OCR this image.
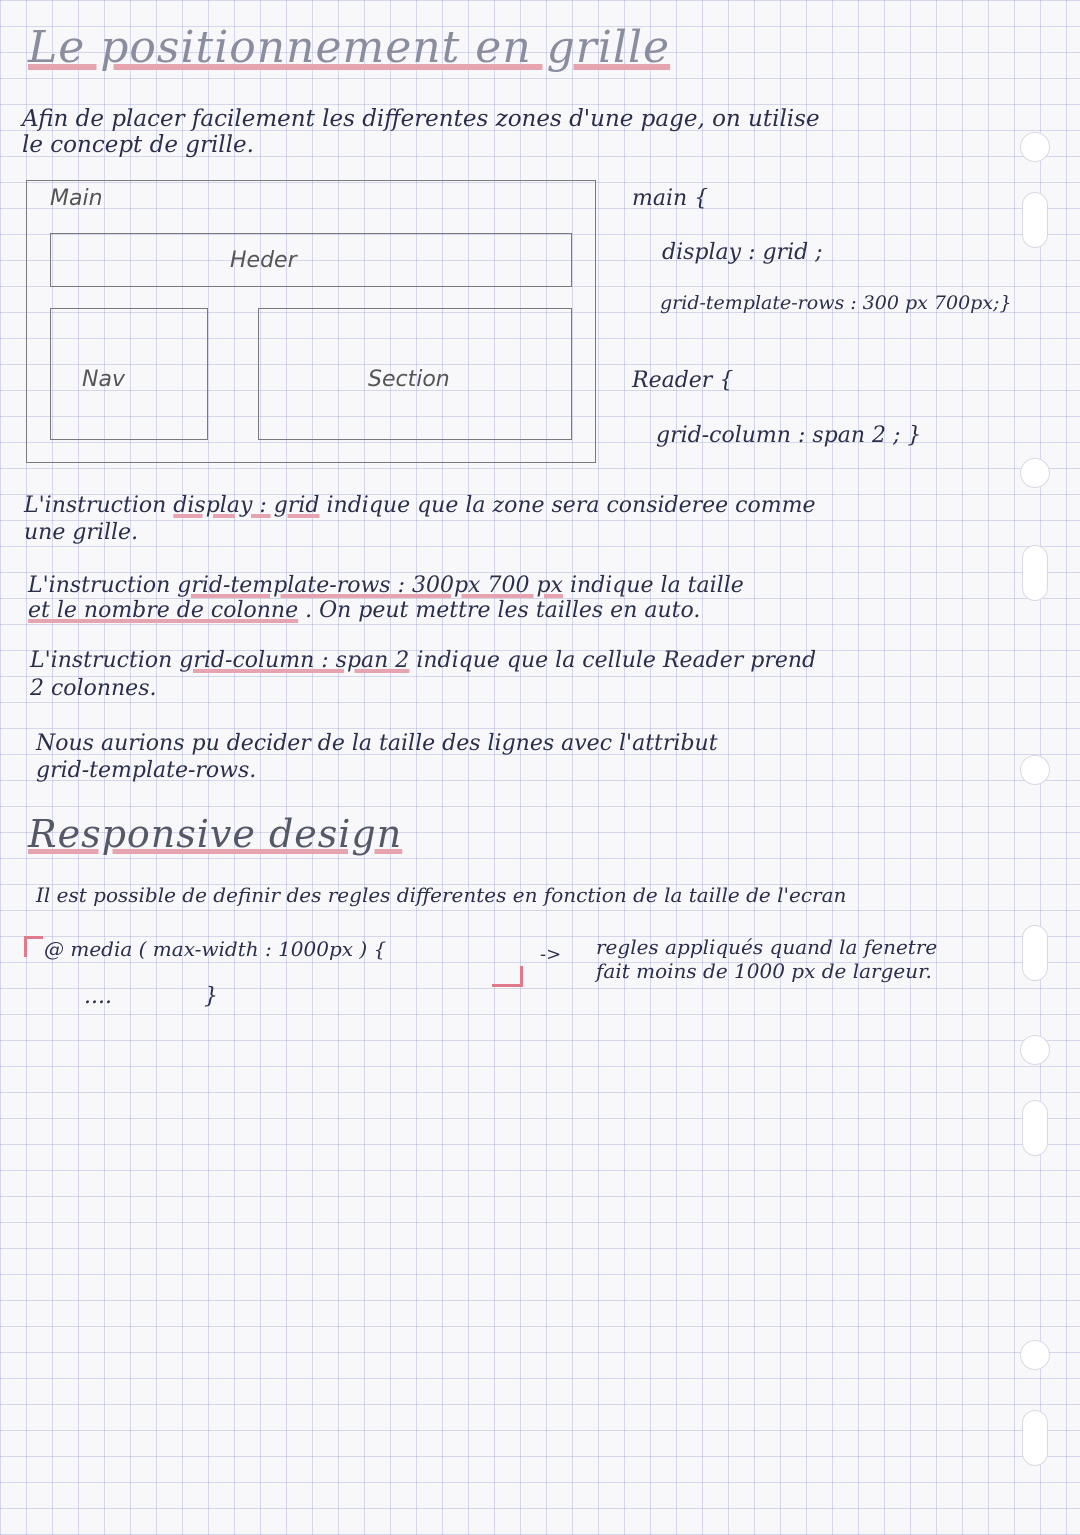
Le positionnement en grille
Afin de placer facilement les differentes zones d'une page, on utilise
le concept de grille.
Main
Heder
Nav	Section
main {
display : grid ;
grid-template-rows : 300 px 700px;}
Reader {
grid-column : span 2 ; }
L'instruction display : grid indique que la zone sera consideree comme
une grille.
L'instruction grid-template-rows : 300px 700 px indique la taille
et le nombre de colonne . On peut mettre les tailles en auto.
L'instruction grid-column : span 2 indique que la cellule Reader prend
2 colonnes.
Nous aurions pu decider de la taille des lignes avec l'attribut
grid-template-rows.
Responsive design
Il est possible de definir des regles differentes en fonction de la taille de l'ecran
@ media ( max-width : 1000px ) {
....	}
-> regles appliqués quand la fenetre
fait moins de 1000 px de largeur.
